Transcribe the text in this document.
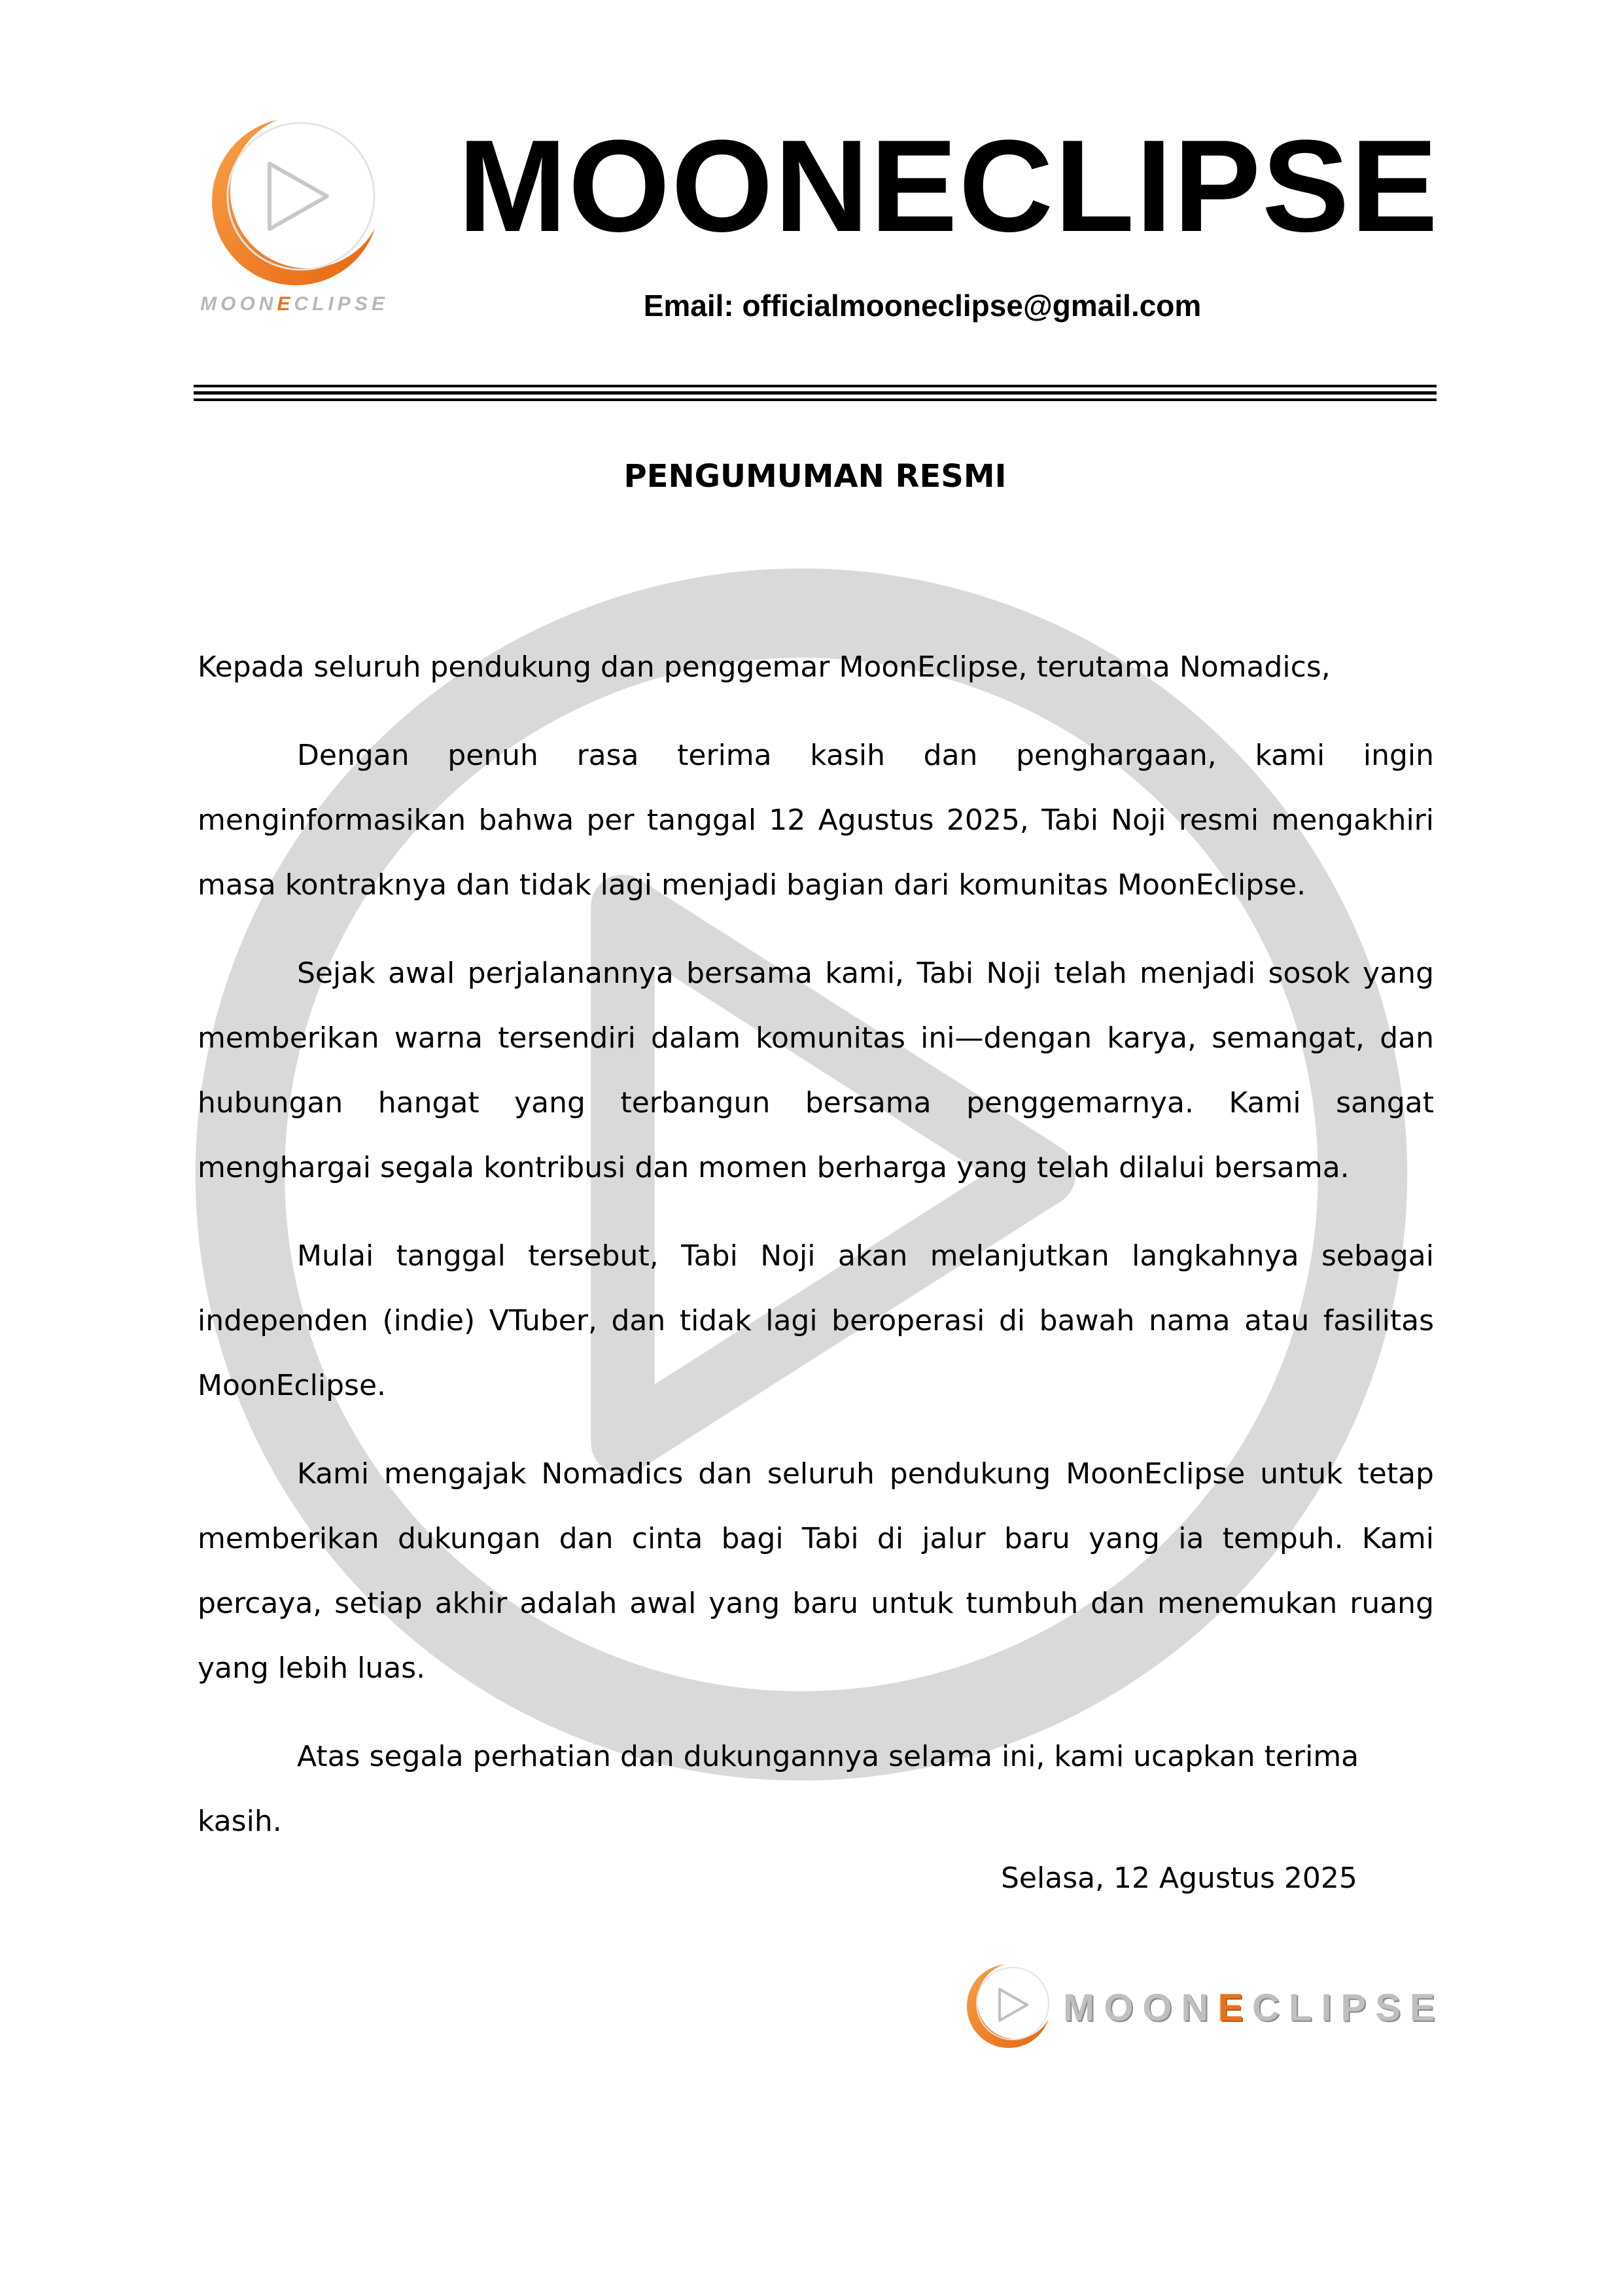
MOONECLIPSE
MOONECLIPSE
Email: officialmooneclipse@gmail.com
PENGUMUMAN RESMI

Kepada seluruh pendukung dan penggemar MoonEclipse, terutama Nomadics,

Dengan penuh rasa terima kasih dan penghargaan, kami ingin menginformasikan bahwa per tanggal 12 Agustus 2025, Tabi Noji resmi mengakhiri masa kontraknya dan tidak lagi menjadi bagian dari komunitas MoonEclipse.

Sejak awal perjalanannya bersama kami, Tabi Noji telah menjadi sosok yang memberikan warna tersendiri dalam komunitas ini—dengan karya, semangat, dan hubungan hangat yang terbangun bersama penggemarnya. Kami sangat menghargai segala kontribusi dan momen berharga yang telah dilalui bersama.

Mulai tanggal tersebut, Tabi Noji akan melanjutkan langkahnya sebagai independen (indie) VTuber, dan tidak lagi beroperasi di bawah nama atau fasilitas MoonEclipse.

Kami mengajak Nomadics dan seluruh pendukung MoonEclipse untuk tetap memberikan dukungan dan cinta bagi Tabi di jalur baru yang ia tempuh. Kami percaya, setiap akhir adalah awal yang baru untuk tumbuh dan menemukan ruang yang lebih luas.

Atas segala perhatian dan dukungannya selama ini, kami ucapkan terima kasih.

Selasa, 12 Agustus 2025
MOONECLIPSE
